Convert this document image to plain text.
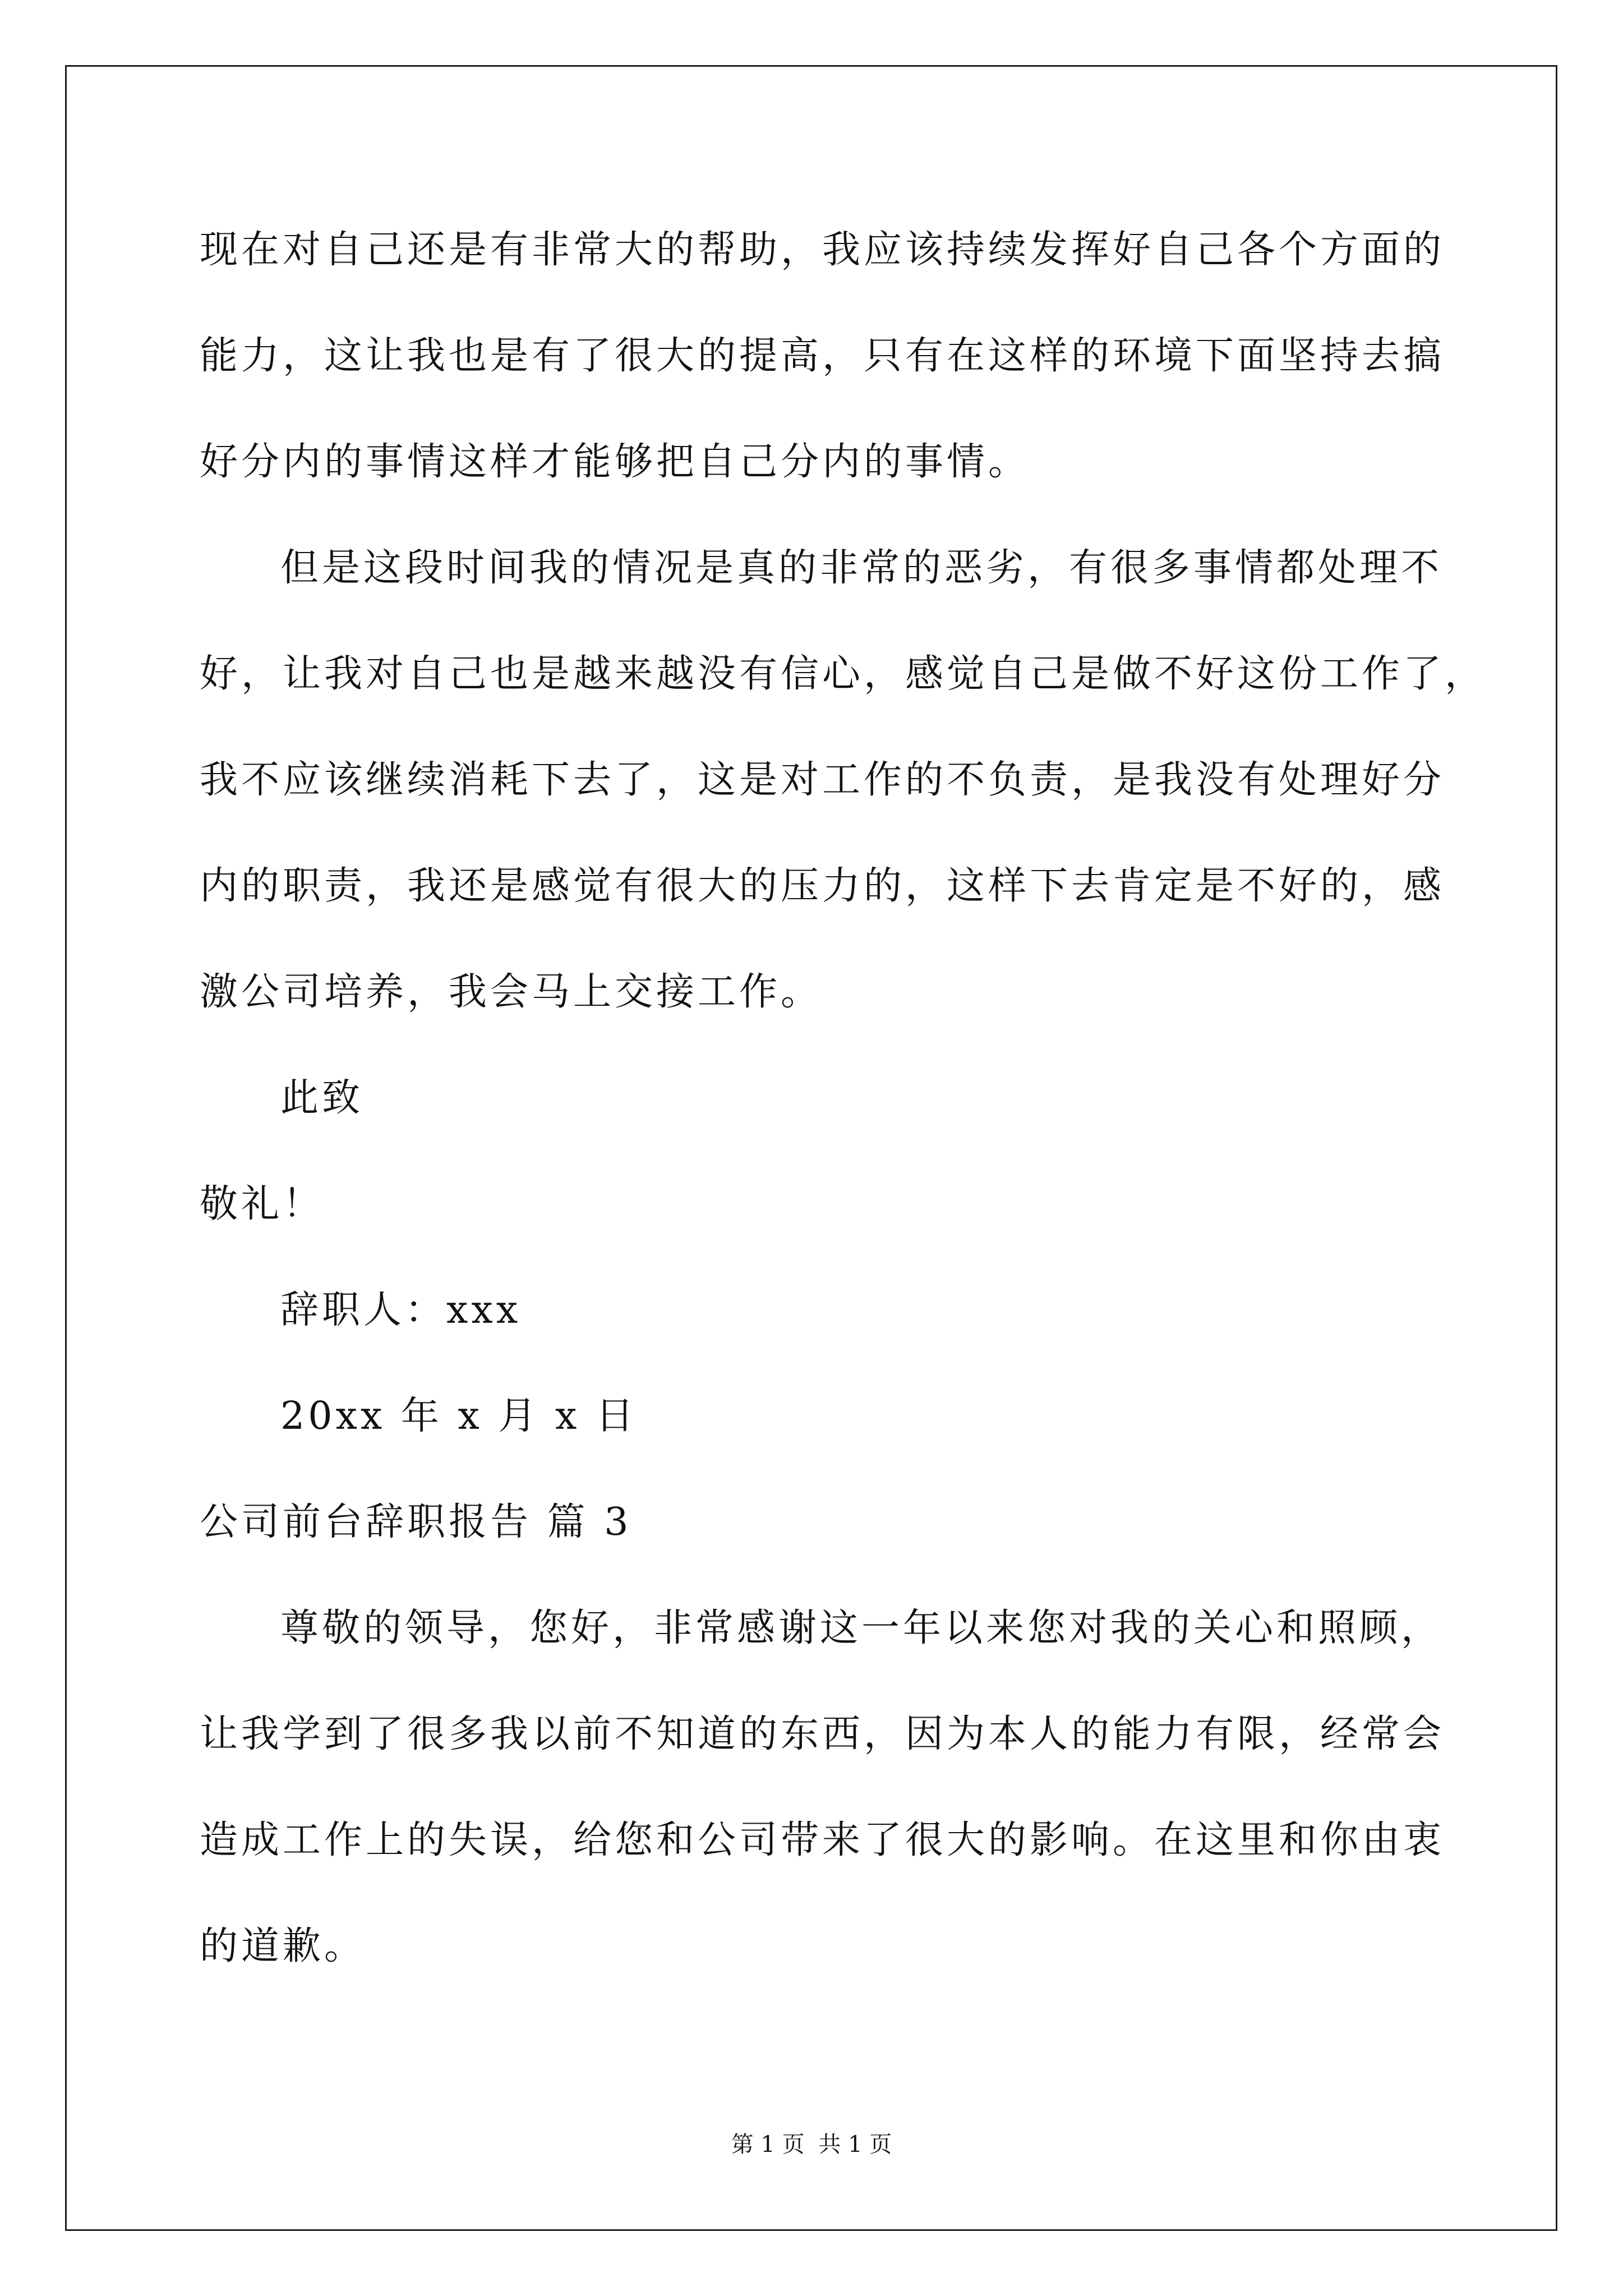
现在对自己还是有非常大的帮助，我应该持续发挥好自己各个方面的
能力，这让我也是有了很大的提高，只有在这样的环境下面坚持去搞
好分内的事情这样才能够把自己分内的事情。
但是这段时间我的情况是真的非常的恶劣，有很多事情都处理不
好，让我对自己也是越来越没有信心，感觉自己是做不好这份工作了，
我不应该继续消耗下去了，这是对工作的不负责，是我没有处理好分
内的职责，我还是感觉有很大的压力的，这样下去肯定是不好的，感
激公司培养，我会马上交接工作。
此致
敬礼！
辞职人：xxx
20xx 年 x 月 x 日
公司前台辞职报告 篇 3
尊敬的领导，您好，非常感谢这一年以来您对我的关心和照顾，
让我学到了很多我以前不知道的东西，因为本人的能力有限，经常会
造成工作上的失误，给您和公司带来了很大的影响。在这里和你由衷
的道歉。
第 1 页 共 1 页
